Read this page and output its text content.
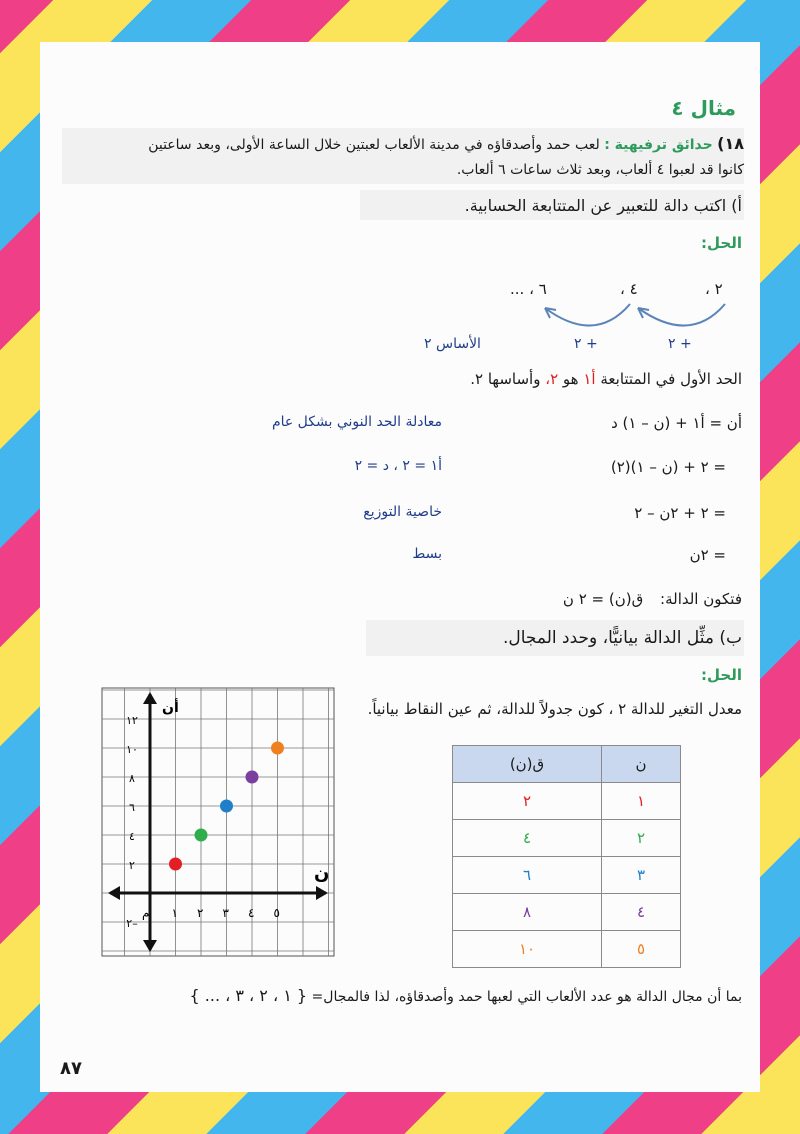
مثال ٤
١٨) حدائق ترفيهية : لعب حمد وأصدقاؤه في مدينة الألعاب لعبتين خلال الساعة الأولى، وبعد ساعتين
كانوا قد لعبوا ٤ ألعاب، وبعد ثلاث ساعات ٦ ألعاب.
أ) اكتب دالة للتعبير عن المتتابعة الحسابية.
الحل:
٢ ،
٤ ،
٦ ، ...
+ ٢
+ ٢
الأساس ٢
الحد الأول في المتتابعة أ١ هو ٢، وأساسها ٢.
أن = أ١ + (ن – ١) د
معادلة الحد النوني بشكل عام
= ٢ + (ن – ١)(٢)
أ١ = ٢ ، د = ٢
= ٢ + ٢ن – ٢
خاصية التوزيع
= ٢ن
بسط
فتكون الدالة: ق(ن) = ٢ ن
ب) مثِّل الدالة بيانيًّا، وحدد المجال.
الحل:
معدل التغير للدالة ٢ ، كون جدولاً للدالة، ثم عين النقاط بيانياً.
ن
أن
م ١ ٢ ٣ ٤ ٥
٢–
٢
٤
٦
٨
١٠
١٢
ن	ق(ن)
١	٢
٢	٤
٣	٦
٤	٨
٥	١٠
بما أن مجال الدالة هو عدد الألعاب التي لعبها حمد وأصدقاؤه، لذا فالمجال= { ١ ، ٢ ، ٣ ، ... }
٨٧
